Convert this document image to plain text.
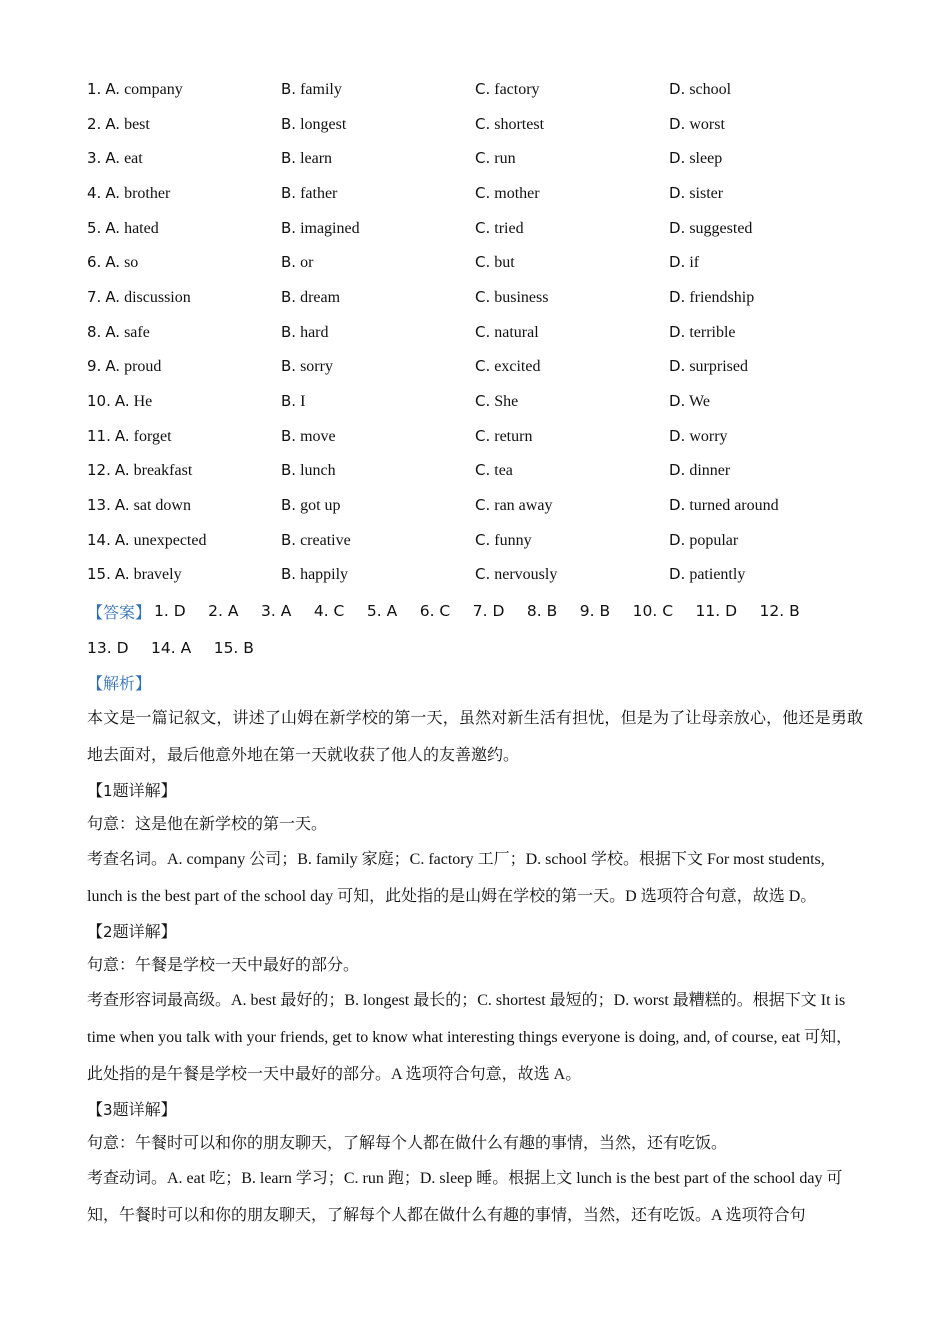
1. A. company	B. family	C. factory	D. school
2. A. best	B. longest	C. shortest	D. worst
3. A. eat	B. learn	C. run	D. sleep
4. A. brother	B. father	C. mother	D. sister
5. A. hated	B. imagined	C. tried	D. suggested
6. A. so	B. or	C. but	D. if
7. A. discussion	B. dream	C. business	D. friendship
8. A. safe	B. hard	C. natural	D. terrible
9. A. proud	B. sorry	C. excited	D. surprised
10. A. He	B. I	C. She	D. We
11. A. forget	B. move	C. return	D. worry
12. A. breakfast	B. lunch	C. tea	D. dinner
13. A. sat down	B. got up	C. ran away	D. turned around
14. A. unexpected	B. creative	C. funny	D. popular
15. A. bravely	B. happily	C. nervously	D. patiently
【答案】 1. D 2. A 3. A 4. C 5. A 6. C 7. D 8. B 9. B 10. C 11. D 12. B
13. D 14. A 15. B
【解析】
本文是一篇记叙文，讲述了山姆在新学校的第一天，虽然对新生活有担忧，但是为了让母亲放心，他还是勇敢地去面对，最后他意外地在第一天就收获了他人的友善邀约。
【1题详解】
句意：这是他在新学校的第一天。
考查名词。A. company 公司；B. family 家庭；C. factory 工厂；D. school 学校。根据下文 For most students, lunch is the best part of the school day 可知，此处指的是山姆在学校的第一天。D 选项符合句意，故选 D。
【2题详解】
句意：午餐是学校一天中最好的部分。
考查形容词最高级。A. best 最好的；B. longest 最长的；C. shortest 最短的；D. worst 最糟糕的。根据下文 It is time when you talk with your friends, get to know what interesting things everyone is doing, and, of course, eat 可知，此处指的是午餐是学校一天中最好的部分。A 选项符合句意，故选 A。
【3题详解】
句意：午餐时可以和你的朋友聊天，了解每个人都在做什么有趣的事情，当然，还有吃饭。
考查动词。A. eat 吃；B. learn 学习；C. run 跑；D. sleep 睡。根据上文 lunch is the best part of the school day 可知，午餐时可以和你的朋友聊天，了解每个人都在做什么有趣的事情，当然，还有吃饭。A 选项符合句
